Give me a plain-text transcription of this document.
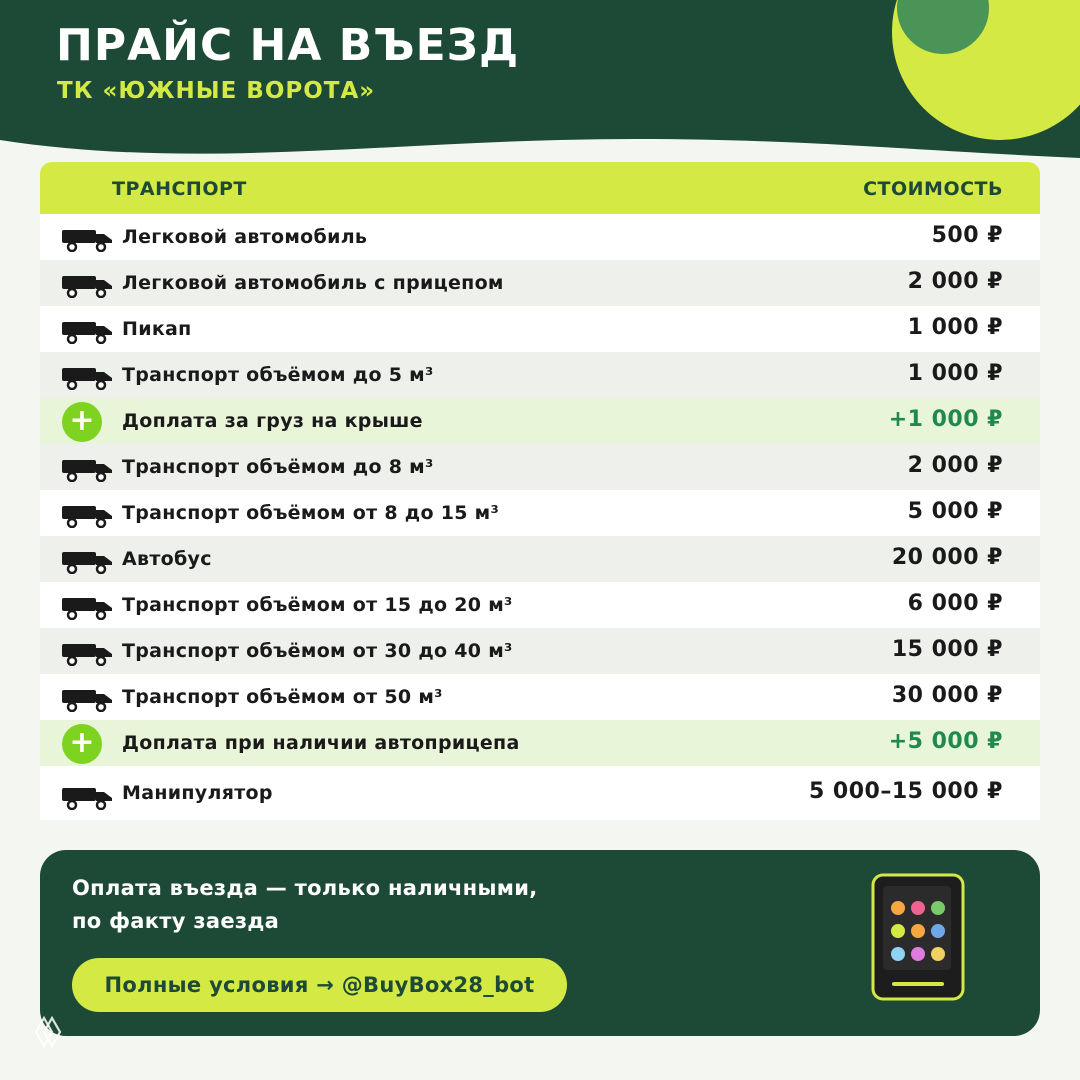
ПРАЙС НА ВЪЕЗД
ТК «ЮЖНЫЕ ВОРОТА»
ТРАНСПОРТ	СТОИМОСТЬ
Легковой автомобиль	500 ₽
Легковой автомобиль с прицепом	2 000 ₽
Пикап	1 000 ₽
Транспорт объёмом до 5 м³	1 000 ₽
+	Доплата за груз на крыше	+1 000 ₽
Транспорт объёмом до 8 м³	2 000 ₽
Транспорт объёмом от 8 до 15 м³	5 000 ₽
Автобус	20 000 ₽
Транспорт объёмом от 15 до 20 м³	6 000 ₽
Транспорт объёмом от 30 до 40 м³	15 000 ₽
Транспорт объёмом от 50 м³	30 000 ₽
+	Доплата при наличии автоприцепа	+5 000 ₽
Манипулятор	5 000–15 000 ₽
Оплата въезда — только наличными,
по факту заезда
Полные условия → @BuyBox28_bot
